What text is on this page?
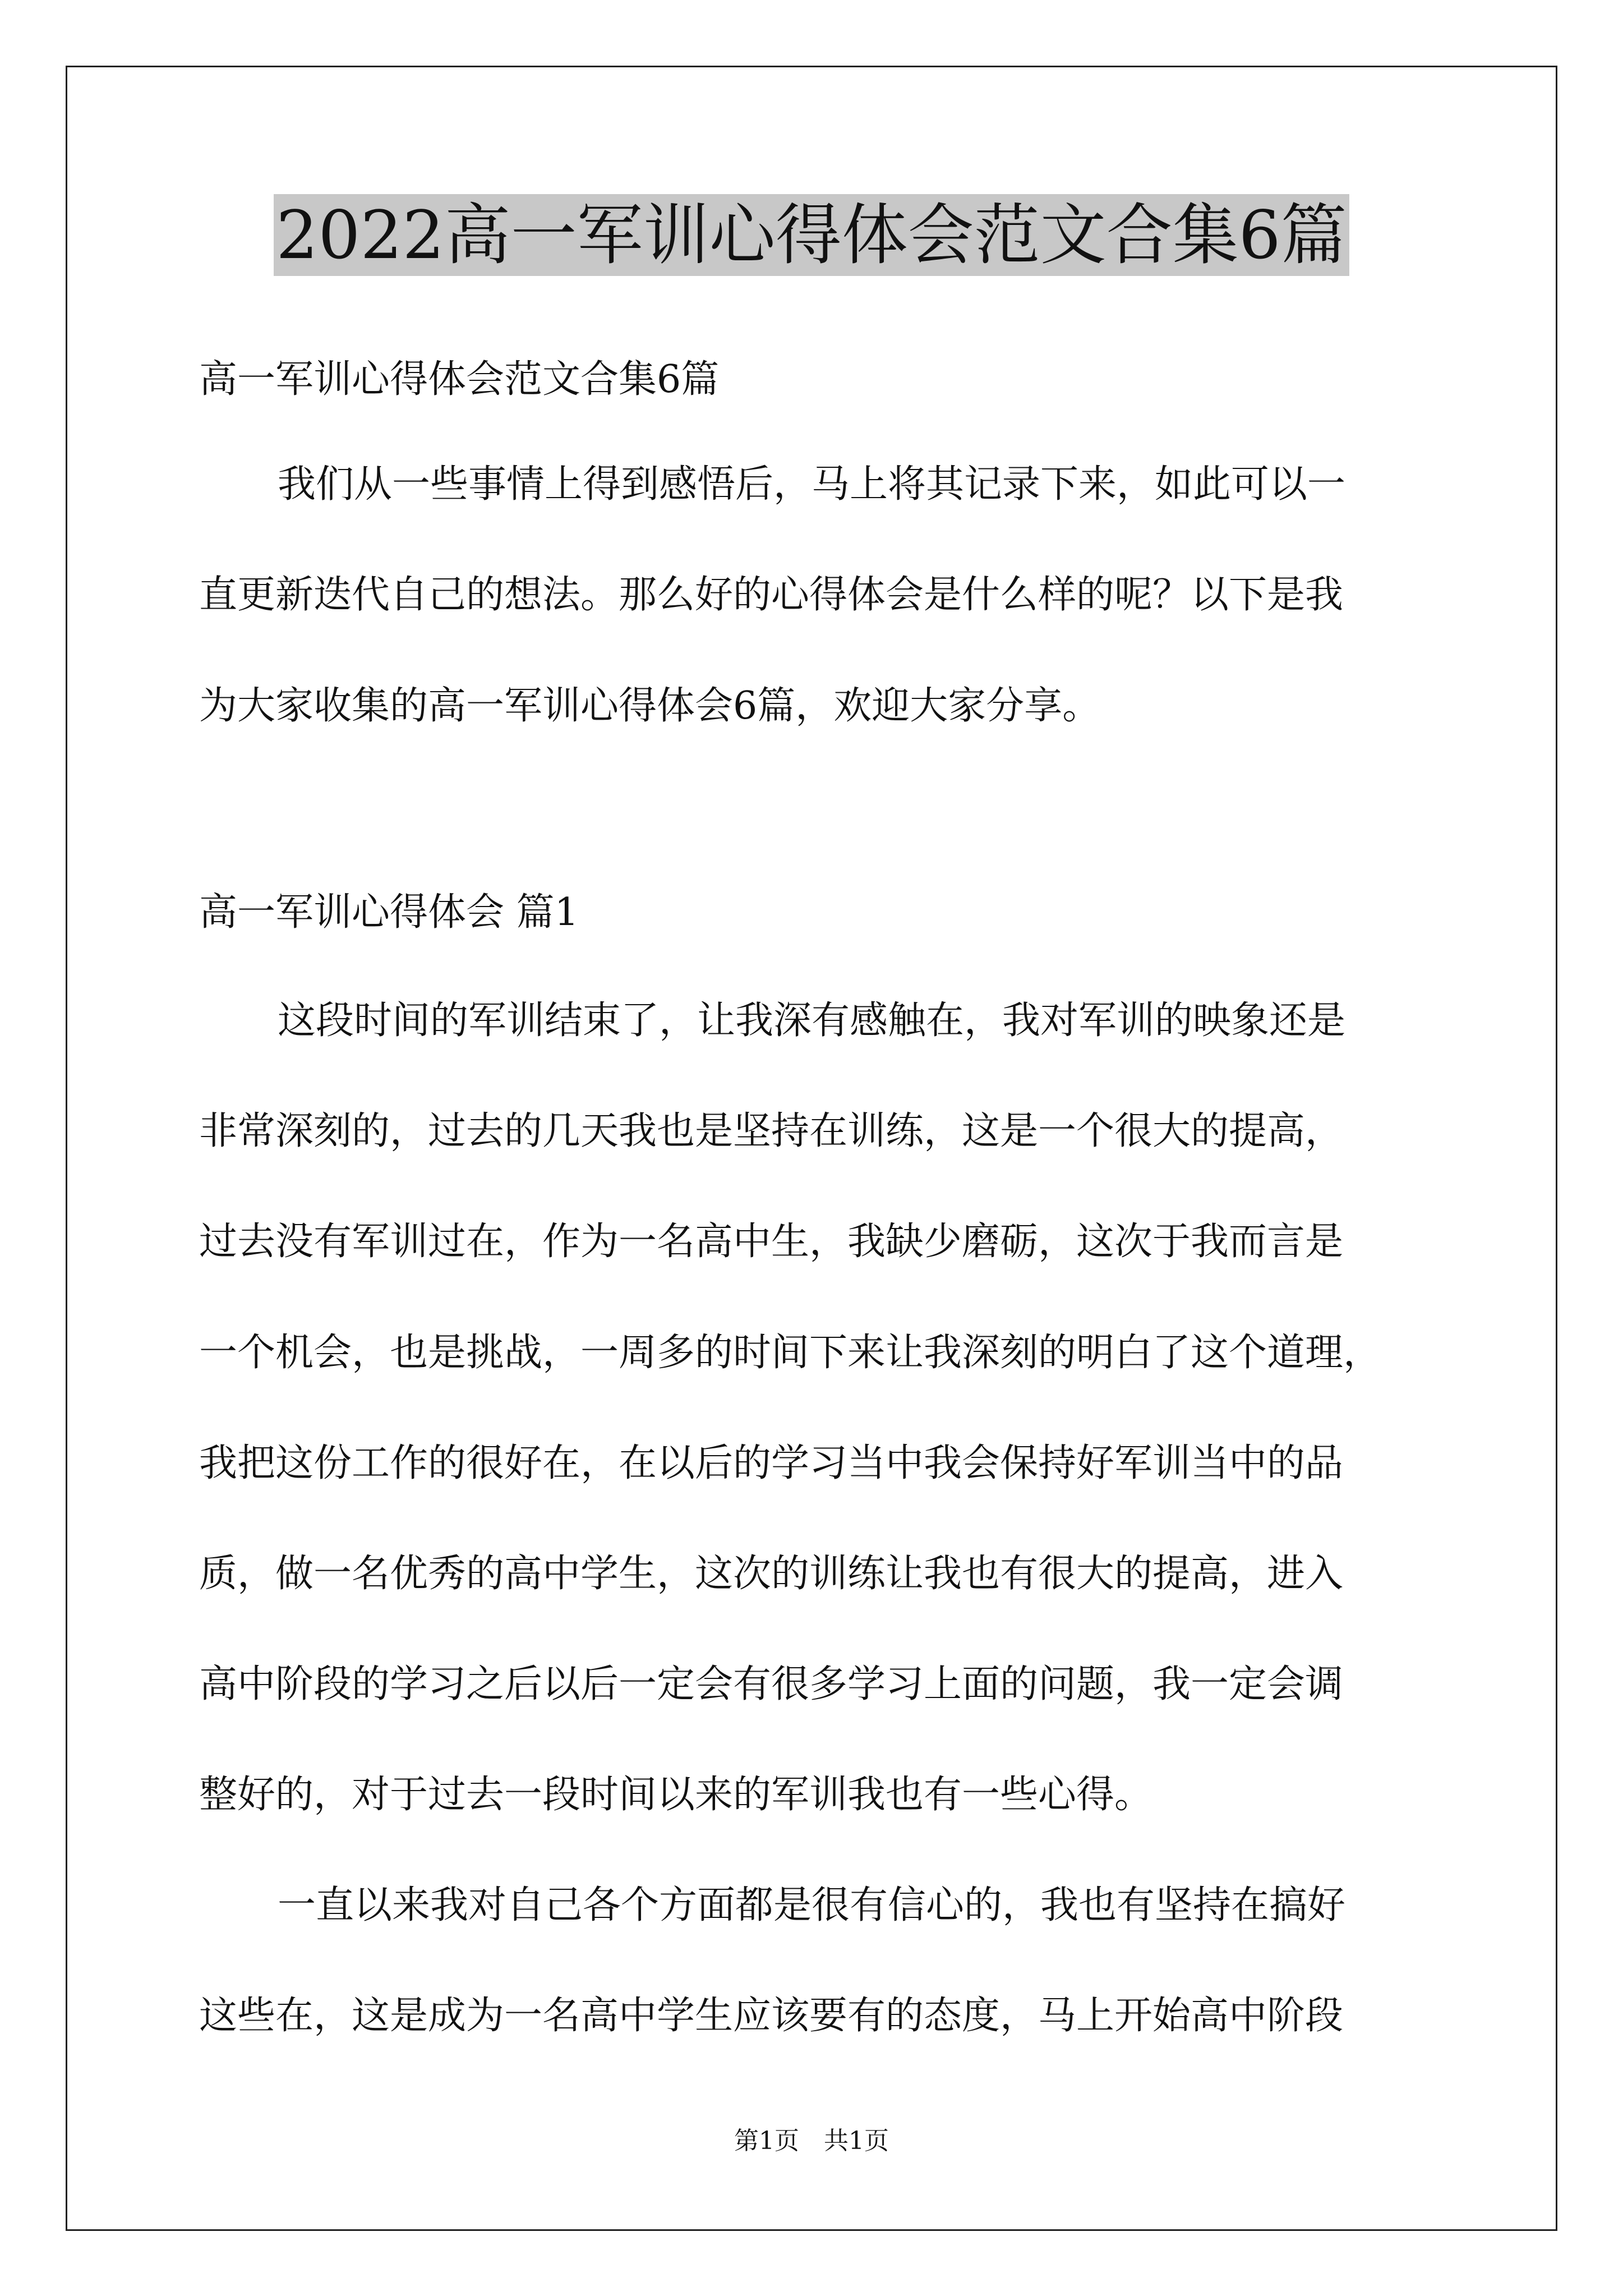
2022高一军训心得体会范文合集6篇
高一军训心得体会范文合集6篇
我们从一些事情上得到感悟后，马上将其记录下来，如此可以一
直更新迭代自己的想法。那么好的心得体会是什么样的呢？以下是我
为大家收集的高一军训心得体会6篇，欢迎大家分享。
高一军训心得体会 篇1
这段时间的军训结束了，让我深有感触在，我对军训的映象还是
非常深刻的，过去的几天我也是坚持在训练，这是一个很大的提高，
过去没有军训过在，作为一名高中生，我缺少磨砺，这次于我而言是
一个机会，也是挑战，一周多的时间下来让我深刻的明白了这个道理，
我把这份工作的很好在，在以后的学习当中我会保持好军训当中的品
质，做一名优秀的高中学生，这次的训练让我也有很大的提高，进入
高中阶段的学习之后以后一定会有很多学习上面的问题，我一定会调
整好的，对于过去一段时间以来的军训我也有一些心得。
一直以来我对自己各个方面都是很有信心的，我也有坚持在搞好
这些在，这是成为一名高中学生应该要有的态度，马上开始高中阶段
第1页　共1页
